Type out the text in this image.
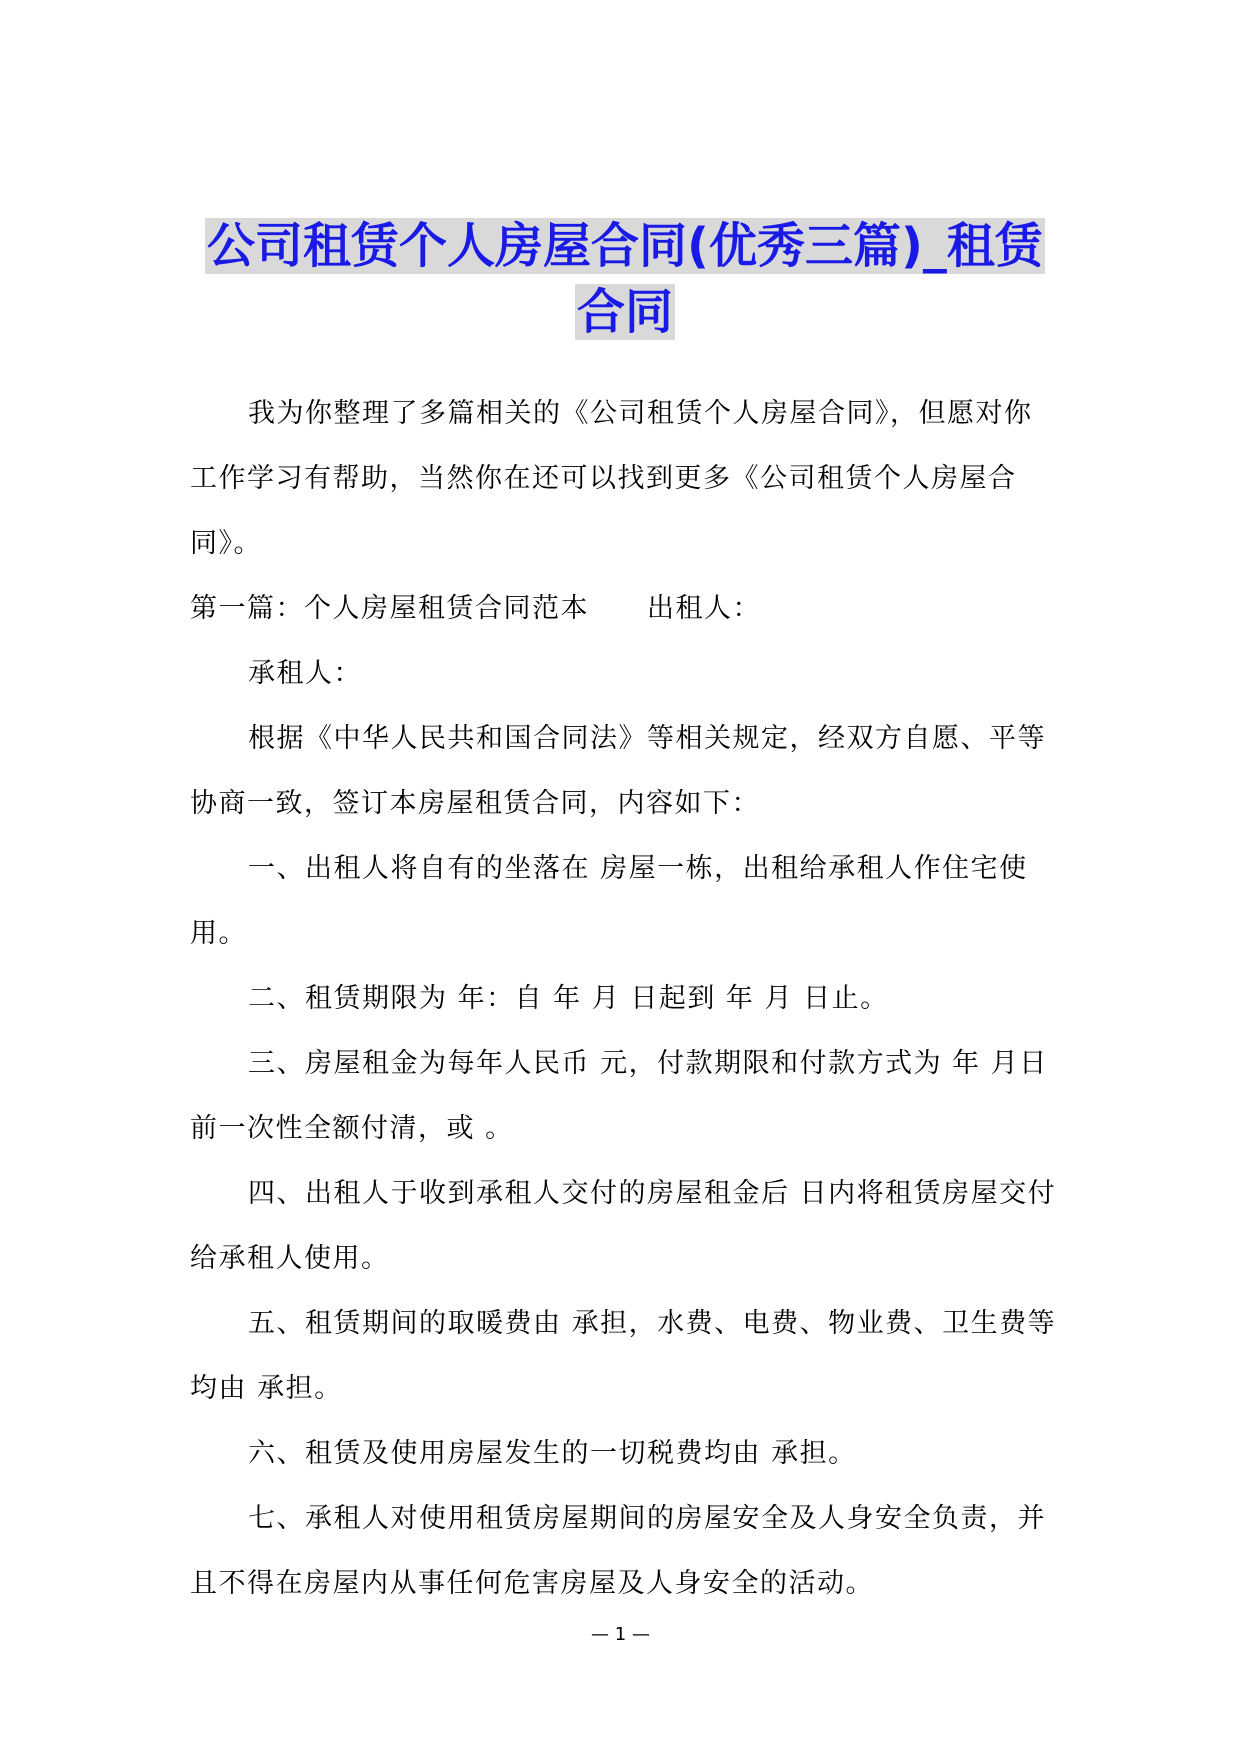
公司租赁个人房屋合同(优秀三篇)_租赁合同

我为你整理了多篇相关的《公司租赁个人房屋合同》，但愿对你工作学习有帮助，当然你在还可以找到更多《公司租赁个人房屋合同》。

第一篇：个人房屋租赁合同范本 出租人：

承租人：

根据《中华人民共和国合同法》等相关规定，经双方自愿、平等协商一致，签订本房屋租赁合同，内容如下：

一、出租人将自有的坐落在 房屋一栋，出租给承租人作住宅使用。

二、租赁期限为 年：自 年 月 日起到 年 月 日止。

三、房屋租金为每年人民币 元，付款期限和付款方式为 年 月日前一次性全额付清，或 。

四、出租人于收到承租人交付的房屋租金后 日内将租赁房屋交付给承租人使用。

五、租赁期间的取暖费由 承担，水费、电费、物业费、卫生费等均由 承担。

六、租赁及使用房屋发生的一切税费均由 承担。

七、承租人对使用租赁房屋期间的房屋安全及人身安全负责，并且不得在房屋内从事任何危害房屋及人身安全的活动。

— 1 —
